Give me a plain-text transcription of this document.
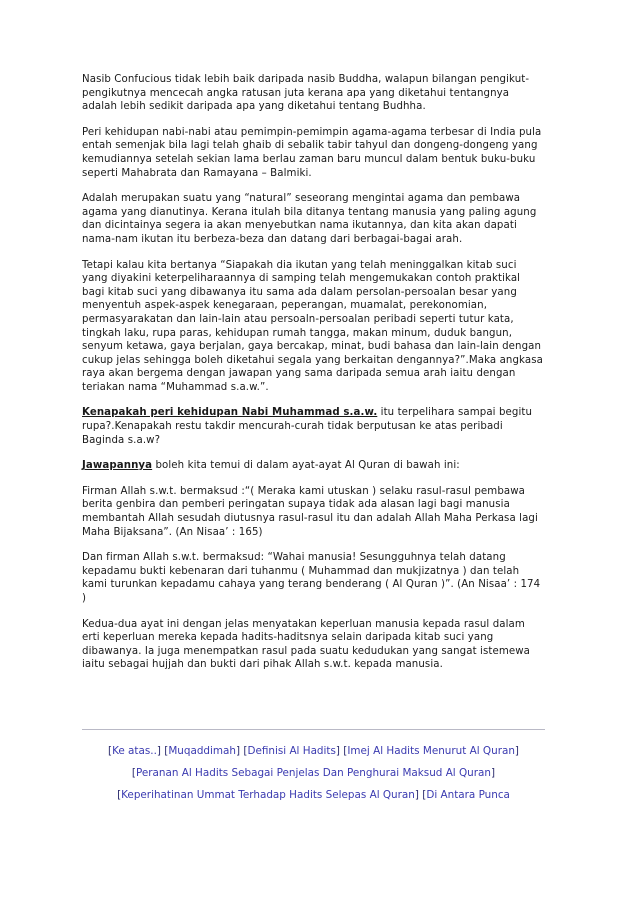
Nasib Confucious tidak lebih baik daripada nasib Buddha, walapun bilangan pengikut-pengikutnya mencecah angka ratusan juta kerana apa yang diketahui tentangnya adalah lebih sedikit daripada apa yang diketahui tentang Budhha.

Peri kehidupan nabi-nabi atau pemimpin-pemimpin agama-agama terbesar di India pula entah semenjak bila lagi telah ghaib di sebalik tabir tahyul dan dongeng-dongeng yang kemudiannya setelah sekian lama berlau zaman baru muncul dalam bentuk buku-buku seperti Mahabrata dan Ramayana – Balmiki.

Adalah merupakan suatu yang “natural” seseorang mengintai agama dan pembawa agama yang dianutinya. Kerana itulah bila ditanya tentang manusia yang paling agung dan dicintainya segera ia akan menyebutkan nama ikutannya, dan kita akan dapati nama-nam ikutan itu berbeza-beza dan datang dari berbagai-bagai arah.

Tetapi kalau kita bertanya “Siapakah dia ikutan yang telah meninggalkan kitab suci yang diyakini keterpeliharaannya di samping telah mengemukakan contoh praktikal bagi kitab suci yang dibawanya itu sama ada dalam persolan-persoalan besar yang menyentuh aspek-aspek kenegaraan, peperangan, muamalat, perekonomian, permasyarakatan dan lain-lain atau persoaln-persoalan peribadi seperti tutur kata, tingkah laku, rupa paras, kehidupan rumah tangga, makan minum, duduk bangun, senyum ketawa, gaya berjalan, gaya bercakap, minat, budi bahasa dan lain-lain dengan cukup jelas sehingga boleh diketahui segala yang berkaitan dengannya?”.Maka angkasa raya akan bergema dengan jawapan yang sama daripada semua arah iaitu dengan teriakan nama “Muhammad s.a.w.”.

Kenapakah peri kehidupan Nabi Muhammad s.a.w. itu terpelihara sampai begitu rupa?.Kenapakah restu takdir mencurah-curah tidak berputusan ke atas peribadi Baginda s.a.w?

Jawapannya boleh kita temui di dalam ayat-ayat Al Quran di bawah ini:

Firman Allah s.w.t. bermaksud :“( Meraka kami utuskan ) selaku rasul-rasul pembawa berita genbira dan pemberi peringatan supaya tidak ada alasan lagi bagi manusia membantah Allah sesudah diutusnya rasul-rasul itu dan adalah Allah Maha Perkasa lagi Maha Bijaksana”. (An Nisaa’ : 165)

Dan firman Allah s.w.t. bermaksud: “Wahai manusia! Sesungguhnya telah datang kepadamu bukti kebenaran dari tuhanmu ( Muhammad dan mukjizatnya ) dan telah kami turunkan kepadamu cahaya yang terang benderang ( Al Quran )”. (An Nisaa’ : 174 )

Kedua-dua ayat ini dengan jelas menyatakan keperluan manusia kepada rasul dalam erti keperluan mereka kepada hadits-haditsnya selain daripada kitab suci yang dibawanya. Ia juga menempatkan rasul pada suatu kedudukan yang sangat istemewa iaitu sebagai hujjah dan bukti dari pihak Allah s.w.t. kepada manusia.

[Ke atas..] [Muqaddimah] [Definisi Al Hadits] [Imej Al Hadits Menurut Al Quran]
[Peranan Al Hadits Sebagai Penjelas Dan Penghurai Maksud Al Quran]
[Keperihatinan Ummat Terhadap Hadits Selepas Al Quran] [Di Antara Punca
